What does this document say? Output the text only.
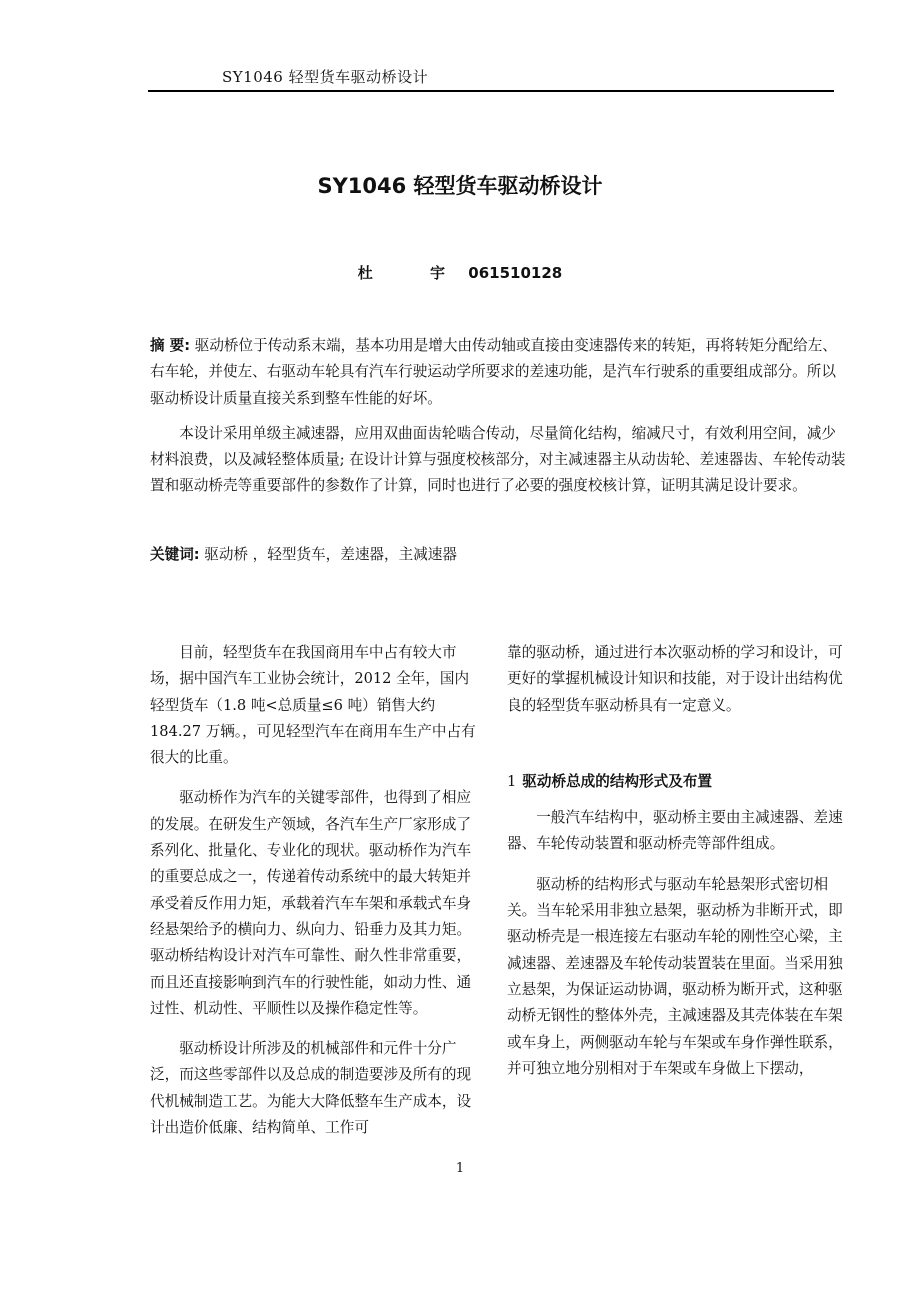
SY1046 轻型货车驱动桥设计
SY1046 轻型货车驱动桥设计
杜 宇 061510128

摘 要: 驱动桥位于传动系末端，基本功用是增大由传动轴或直接由变速器传来的转矩，再将转矩分配给左、右车轮，并使左、右驱动车轮具有汽车行驶运动学所要求的差速功能，是汽车行驶系的重要组成部分。所以驱动桥设计质量直接关系到整车性能的好坏。

本设计采用单级主减速器，应用双曲面齿轮啮合传动，尽量简化结构，缩减尺寸，有效利用空间，减少材料浪费，以及减轻整体质量; 在设计计算与强度校核部分，对主减速器主从动齿轮、差速器齿、车轮传动装置和驱动桥壳等重要部件的参数作了计算，同时也进行了必要的强度校核计算，证明其满足设计要求。

关键词: 驱动桥 ，轻型货车，差速器，主减速器

目前，轻型货车在我国商用车中占有较大市场，据中国汽车工业协会统计，2012 全年，国内轻型货车（1.8 吨<总质量≤6 吨）销售大约 184.27 万辆。，可见轻型汽车在商用车生产中占有很大的比重。

驱动桥作为汽车的关键零部件，也得到了相应的发展。在研发生产领域，各汽车生产厂家形成了系列化、批量化、专业化的现状。驱动桥作为汽车的重要总成之一，传递着传动系统中的最大转矩并承受着反作用力矩，承载着汽车车架和承载式车身经悬架给予的横向力、纵向力、铅垂力及其力矩。驱动桥结构设计对汽车可靠性、耐久性非常重要，而且还直接影响到汽车的行驶性能，如动力性、通过性、机动性、平顺性以及操作稳定性等。

驱动桥设计所涉及的机械部件和元件十分广泛，而这些零部件以及总成的制造要涉及所有的现代机械制造工艺。为能大大降低整车生产成本，设计出造价低廉、结构简单、工作可

靠的驱动桥，通过进行本次驱动桥的学习和设计，可更好的掌握机械设计知识和技能，对于设计出结构优良的轻型货车驱动桥具有一定意义。

1 驱动桥总成的结构形式及布置

一般汽车结构中，驱动桥主要由主减速器、差速器、车轮传动装置和驱动桥壳等部件组成。

驱动桥的结构形式与驱动车轮悬架形式密切相关。当车轮采用非独立悬架，驱动桥为非断开式，即驱动桥壳是一根连接左右驱动车轮的刚性空心梁，主减速器、差速器及车轮传动装置装在里面。当采用独立悬架，为保证运动协调，驱动桥为断开式，这种驱动桥无钢性的整体外壳，主减速器及其壳体装在车架或车身上，两侧驱动车轮与车架或车身作弹性联系，并可独立地分别相对于车架或车身做上下摆动，

1
